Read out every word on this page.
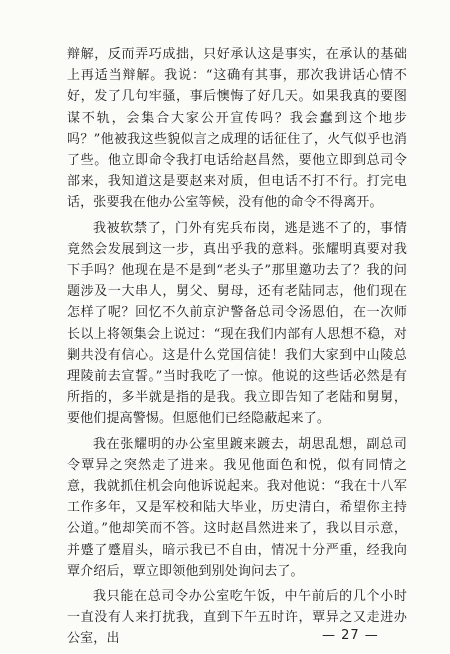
辩解，反而弄巧成拙，只好承认这是事实，在承认的基础上再适当辩解。我说：“这确有其事，那次我讲话心情不好，发了几句牢骚，事后懊悔了好几天。如果我真的要图谋不轨，会集合大家公开宣传吗？我会蠢到这个地步吗？”他被我这些貌似言之成理的话征住了，火气似乎也消了些。他立即命令我打电话给赵昌然，要他立即到总司令部来，我知道这是要赵来对质，但电话不打不行。打完电话，张要我在他办公室等候，没有他的命令不得离开。

我被软禁了，门外有宪兵布岗，逃是逃不了的，事情竟然会发展到这一步，真出乎我的意料。张耀明真要对我下手吗？他现在是不是到“老头子”那里邀功去了？我的问题涉及一大串人，舅父、舅母，还有老陆同志，他们现在怎样了呢？回忆不久前京沪警备总司令汤恩伯，在一次师长以上将领集会上说过：“现在我们内部有人思想不稳，对剿共没有信心。这是什么党国信徒！我们大家到中山陵总理陵前去宣誓。”当时我吃了一惊。他说的这些话必然是有所指的，多半就是指的是我。我立即告知了老陆和舅舅，要他们提高警惕。但愿他们已经隐蔽起来了。

我在张耀明的办公室里踱来踱去，胡思乱想，副总司令覃异之突然走了进来。我见他面色和悦，似有同情之意，我就抓住机会向他诉说起来。我对他说：“我在十八军工作多年，又是军校和陆大毕业，历史清白，希望你主持公道。”他却笑而不答。这时赵昌然进来了，我以目示意，并蹙了蹙眉头，暗示我已不自由，情况十分严重，经我向覃介绍后，覃立即领他到别处询问去了。

我只能在总司令办公室吃午饭，中午前后的几个小时一直没有人来打扰我，直到下午五时许，覃异之又走进办公室，出	— 27 —
